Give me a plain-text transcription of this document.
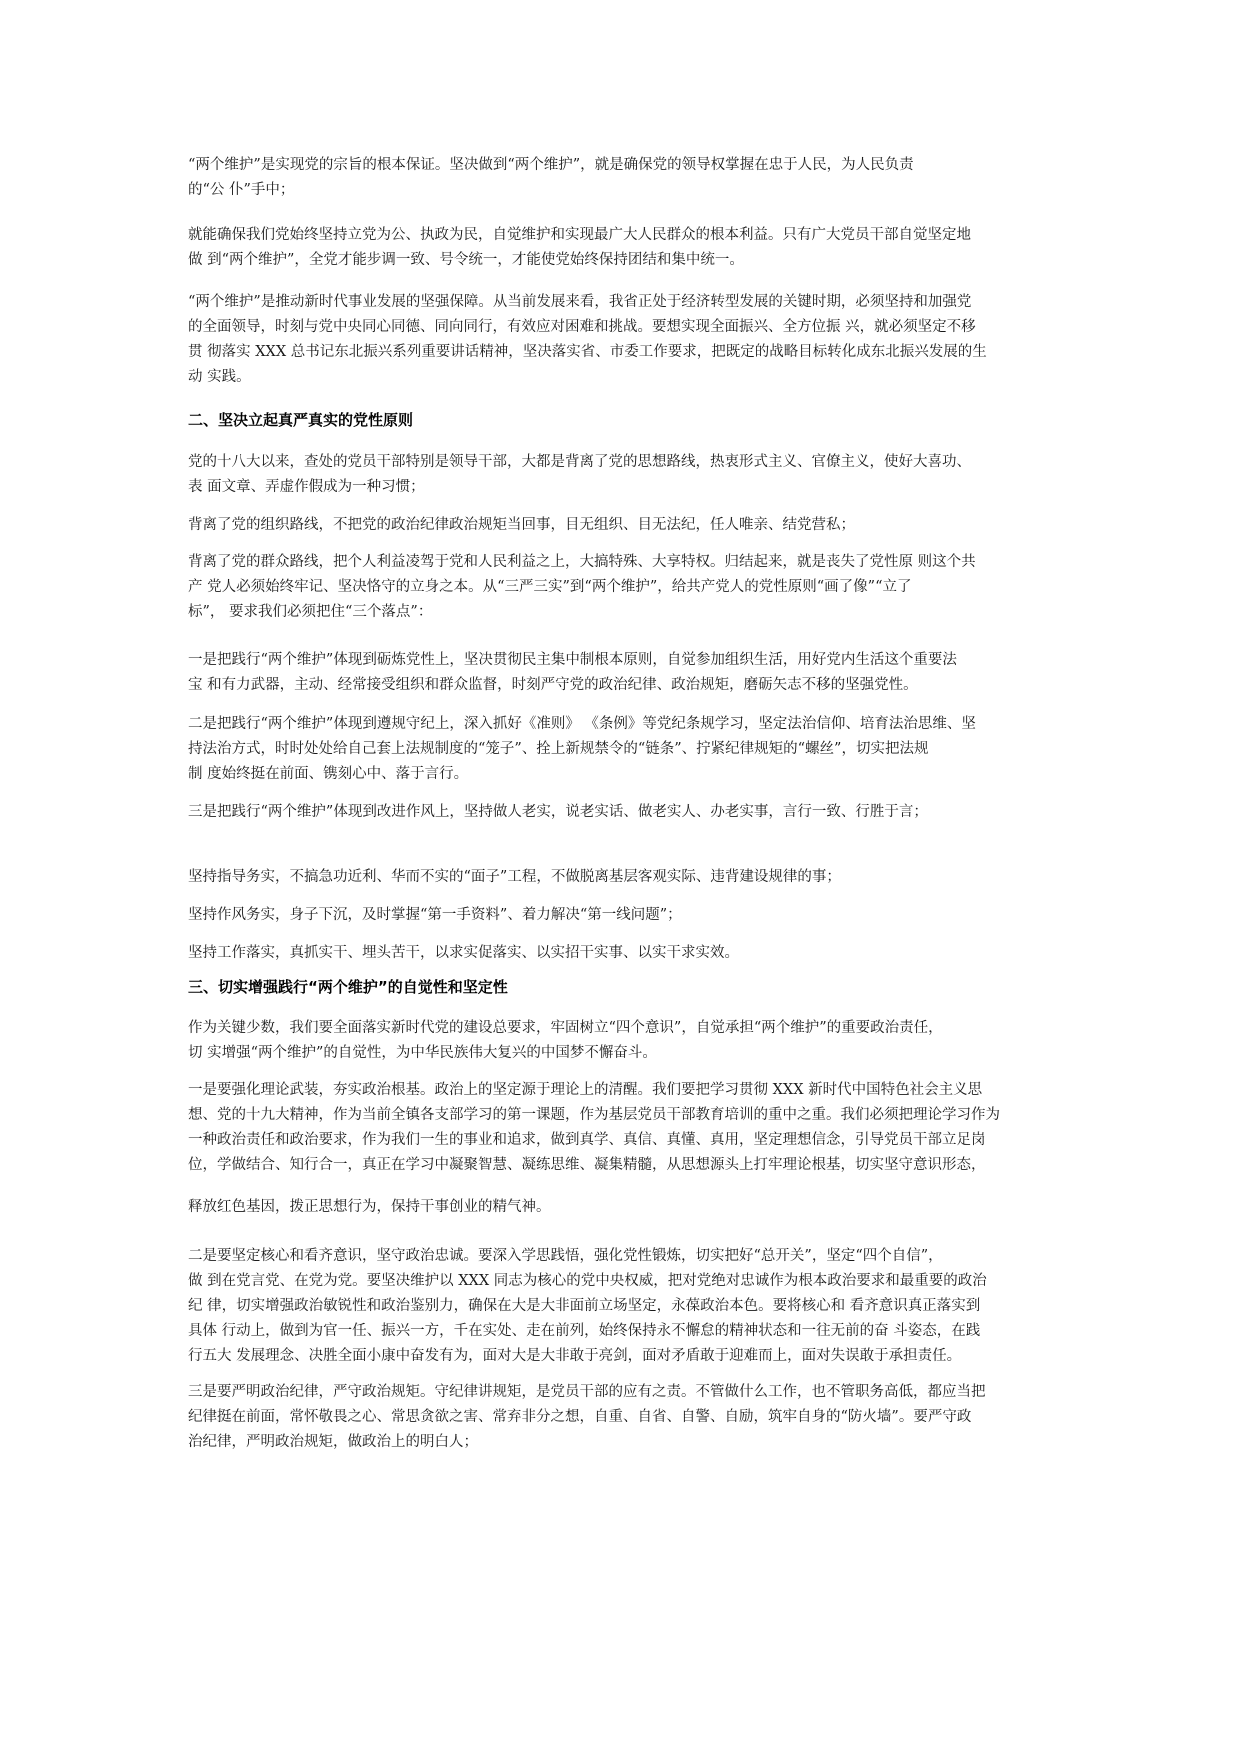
“两个维护”是实现党的宗旨的根本保证。坚决做到“两个维护”，就是确保党的领导权掌握在忠于人民，为人民负责
的“公 仆”手中；

就能确保我们党始终坚持立党为公、执政为民，自觉维护和实现最广大人民群众的根本利益。只有广大党员干部自觉坚定地
做 到“两个维护”，全党才能步调一致、号令统一，才能使党始终保持团结和集中统一。

“两个维护”是推动新时代事业发展的坚强保障。从当前发展来看，我省正处于经济转型发展的关键时期，必须坚持和加强党
的全面领导，时刻与党中央同心同德、同向同行，有效应对困难和挑战。要想实现全面振兴、全方位振 兴，就必须坚定不移
贯 彻落实 XXX 总书记东北振兴系列重要讲话精神，坚决落实省、市委工作要求，把既定的战略目标转化成东北振兴发展的生
动 实践。

二、坚决立起真严真实的党性原则

党的十八大以来，查处的党员干部特别是领导干部，大都是背离了党的思想路线，热衷形式主义、官僚主义，使好大喜功、
表 面文章、弄虚作假成为一种习惯；

背离了党的组织路线，不把党的政治纪律政治规矩当回事，目无组织、目无法纪，任人唯亲、结党营私；

背离了党的群众路线，把个人利益凌驾于党和人民利益之上，大搞特殊、大享特权。归结起来，就是丧失了党性原 则这个共
产 党人必须始终牢记、坚决恪守的立身之本。从“三严三实”到“两个维护”，给共产党人的党性原则“画了像”“立了
标”， 要求我们必须把住“三个落点”：

一是把践行“两个维护”体现到砺炼党性上，坚决贯彻民主集中制根本原则，自觉参加组织生活，用好党内生活这个重要法
宝 和有力武器，主动、经常接受组织和群众监督，时刻严守党的政治纪律、政治规矩，磨砺矢志不移的坚强党性。

二是把践行“两个维护”体现到遵规守纪上，深入抓好《准则》 《条例》等党纪条规学习，坚定法治信仰、培育法治思维、坚
持法治方式，时时处处给自己套上法规制度的“笼子”、拴上新规禁令的“链条”、拧紧纪律规矩的“螺丝”，切实把法规
制 度始终挺在前面、镌刻心中、落于言行。

三是把践行“两个维护”体现到改进作风上，坚持做人老实，说老实话、做老实人、办老实事，言行一致、行胜于言；

坚持指导务实，不搞急功近利、华而不实的“面子”工程，不做脱离基层客观实际、违背建设规律的事；

坚持作风务实，身子下沉，及时掌握“第一手资料”、着力解决“第一线问题”；

坚持工作落实，真抓实干、埋头苦干，以求实促落实、以实招干实事、以实干求实效。

三、切实增强践行“两个维护”的自觉性和坚定性

作为关键少数，我们要全面落实新时代党的建设总要求，牢固树立“四个意识”，自觉承担“两个维护”的重要政治责任，
切 实增强“两个维护”的自觉性，为中华民族伟大复兴的中国梦不懈奋斗。

一是要强化理论武装，夯实政治根基。政治上的坚定源于理论上的清醒。我们要把学习贯彻 XXX 新时代中国特色社会主义思
想、党的十九大精神，作为当前全镇各支部学习的第一课题，作为基层党员干部教育培训的重中之重。我们必须把理论学习作为
一种政治责任和政治要求，作为我们一生的事业和追求，做到真学、真信、真懂、真用，坚定理想信念，引导党员干部立足岗
位，学做结合、知行合一，真正在学习中凝聚智慧、凝练思维、凝集精髓，从思想源头上打牢理论根基，切实坚守意识形态，

释放红色基因，拨正思想行为，保持干事创业的精气神。

二是要坚定核心和看齐意识，坚守政治忠诚。要深入学思践悟，强化党性锻炼，切实把好“总开关”，坚定“四个自信”，
做 到在党言党、在党为党。要坚决维护以 XXX 同志为核心的党中央权威，把对党绝对忠诚作为根本政治要求和最重要的政治
纪 律，切实增强政治敏锐性和政治鉴别力，确保在大是大非面前立场坚定，永葆政治本色。要将核心和 看齐意识真正落实到
具体 行动上，做到为官一任、振兴一方，千在实处、走在前列，始终保持永不懈怠的精神状态和一往无前的奋 斗姿态，在践
行五大 发展理念、决胜全面小康中奋发有为，面对大是大非敢于亮剑，面对矛盾敢于迎难而上，面对失误敢于承担责任。

三是要严明政治纪律，严守政治规矩。守纪律讲规矩，是党员干部的应有之责。不管做什么工作，也不管职务高低，都应当把
纪律挺在前面，常怀敬畏之心、常思贪欲之害、常弃非分之想，自重、自省、自警、自励，筑牢自身的“防火墙”。要严守政
治纪律，严明政治规矩，做政治上的明白人；
